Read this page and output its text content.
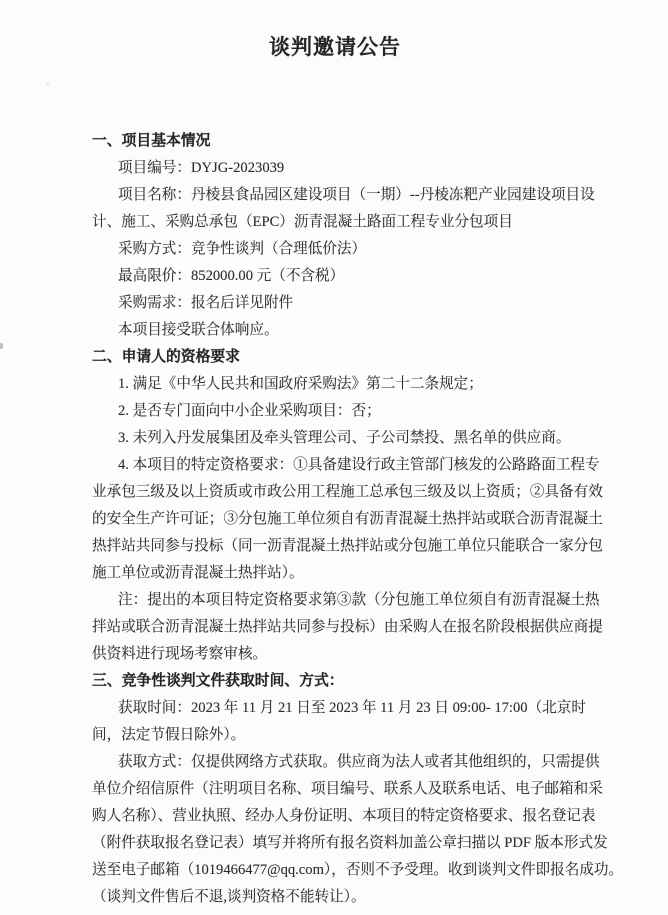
谈判邀请公告
一、项目基本情况
项目编号：DYJG-2023039
项目名称：丹棱县食品园区建设项目（一期）--丹棱冻粑产业园建设项目设
计、施工、采购总承包（EPC）沥青混凝土路面工程专业分包项目
采购方式：竞争性谈判（合理低价法）
最高限价：852000.00 元（不含税）
采购需求：报名后详见附件
本项目接受联合体响应。
二、申请人的资格要求
1. 满足《中华人民共和国政府采购法》第二十二条规定；
2. 是否专门面向中小企业采购项目：否；
3. 未列入丹发展集团及牵头管理公司、子公司禁投、黑名单的供应商。
4. 本项目的特定资格要求：①具备建设行政主管部门核发的公路路面工程专
业承包三级及以上资质或市政公用工程施工总承包三级及以上资质；②具备有效
的安全生产许可证；③分包施工单位须自有沥青混凝土热拌站或联合沥青混凝土
热拌站共同参与投标（同一沥青混凝土热拌站或分包施工单位只能联合一家分包
施工单位或沥青混凝土热拌站）。
注：提出的本项目特定资格要求第③款（分包施工单位须自有沥青混凝土热
拌站或联合沥青混凝土热拌站共同参与投标）由采购人在报名阶段根据供应商提
供资料进行现场考察审核。
三、竞争性谈判文件获取时间、方式：
获取时间：2023 年 11 月 21 日至 2023 年 11 月 23 日 09:00- 17:00（北京时
间，法定节假日除外）。
获取方式：仅提供网络方式获取。供应商为法人或者其他组织的，只需提供
单位介绍信原件（注明项目名称、项目编号、联系人及联系电话、电子邮箱和采
购人名称）、营业执照、经办人身份证明、本项目的特定资格要求、报名登记表
（附件获取报名登记表）填写并将所有报名资料加盖公章扫描以 PDF 版本形式发
送至电子邮箱（1019466477@qq.com），否则不予受理。收到谈判文件即报名成功。
（谈判文件售后不退,谈判资格不能转让）。
